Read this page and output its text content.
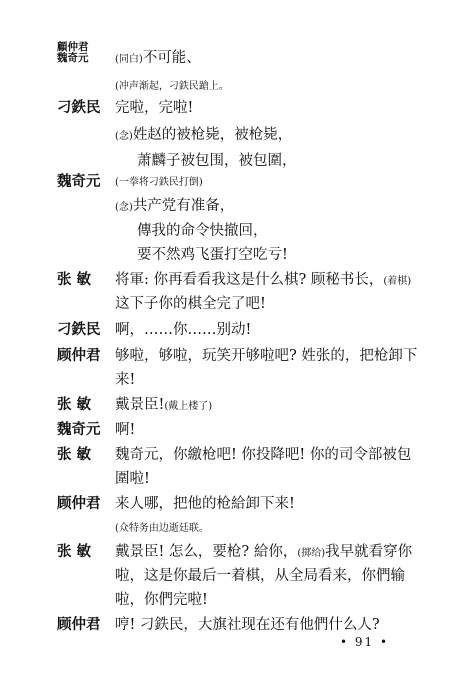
顧仲君
魏奇元	(同白)不可能、
(冲声渐起，刁鉄民蹌上。
刁鉄民 完啦，完啦!
(念)姓赵的被枪毙，被枪毙，
萧麟子被包围，被包圍，
魏奇元 (一拳将刁鉄民打倒)
(念)共产党有准备，
傳我的命令快撤回，
要不然鸡飞蛋打空吃亏!
张 敏 将軍: 你再看看我这是什么棋? 顾秘书长，(着棋)
这下子你的棋全完了吧!
刁鉄民 啊，……你……别动!
顾仲君 够啦，够啦，玩笑开够啦吧? 姓张的，把枪卸下
来!
张 敏 戴景臣!(戴上楼了)
魏奇元 啊!
张 敏 魏奇元，你繳枪吧! 你投降吧! 你的司令部被包
圍啦!
顾仲君 来人哪，把他的枪給卸下来!
(众特务由边逝廷联。
张 敏 戴景臣! 怎么，要枪? 給你，(掷给)我早就看穿你
啦，这是你最后一着棋，从全局看来，你們输
啦，你們完啦!
顾仲君 哼! 刁鉄民，大旗社现在还有他們什么人?
• 91 •
